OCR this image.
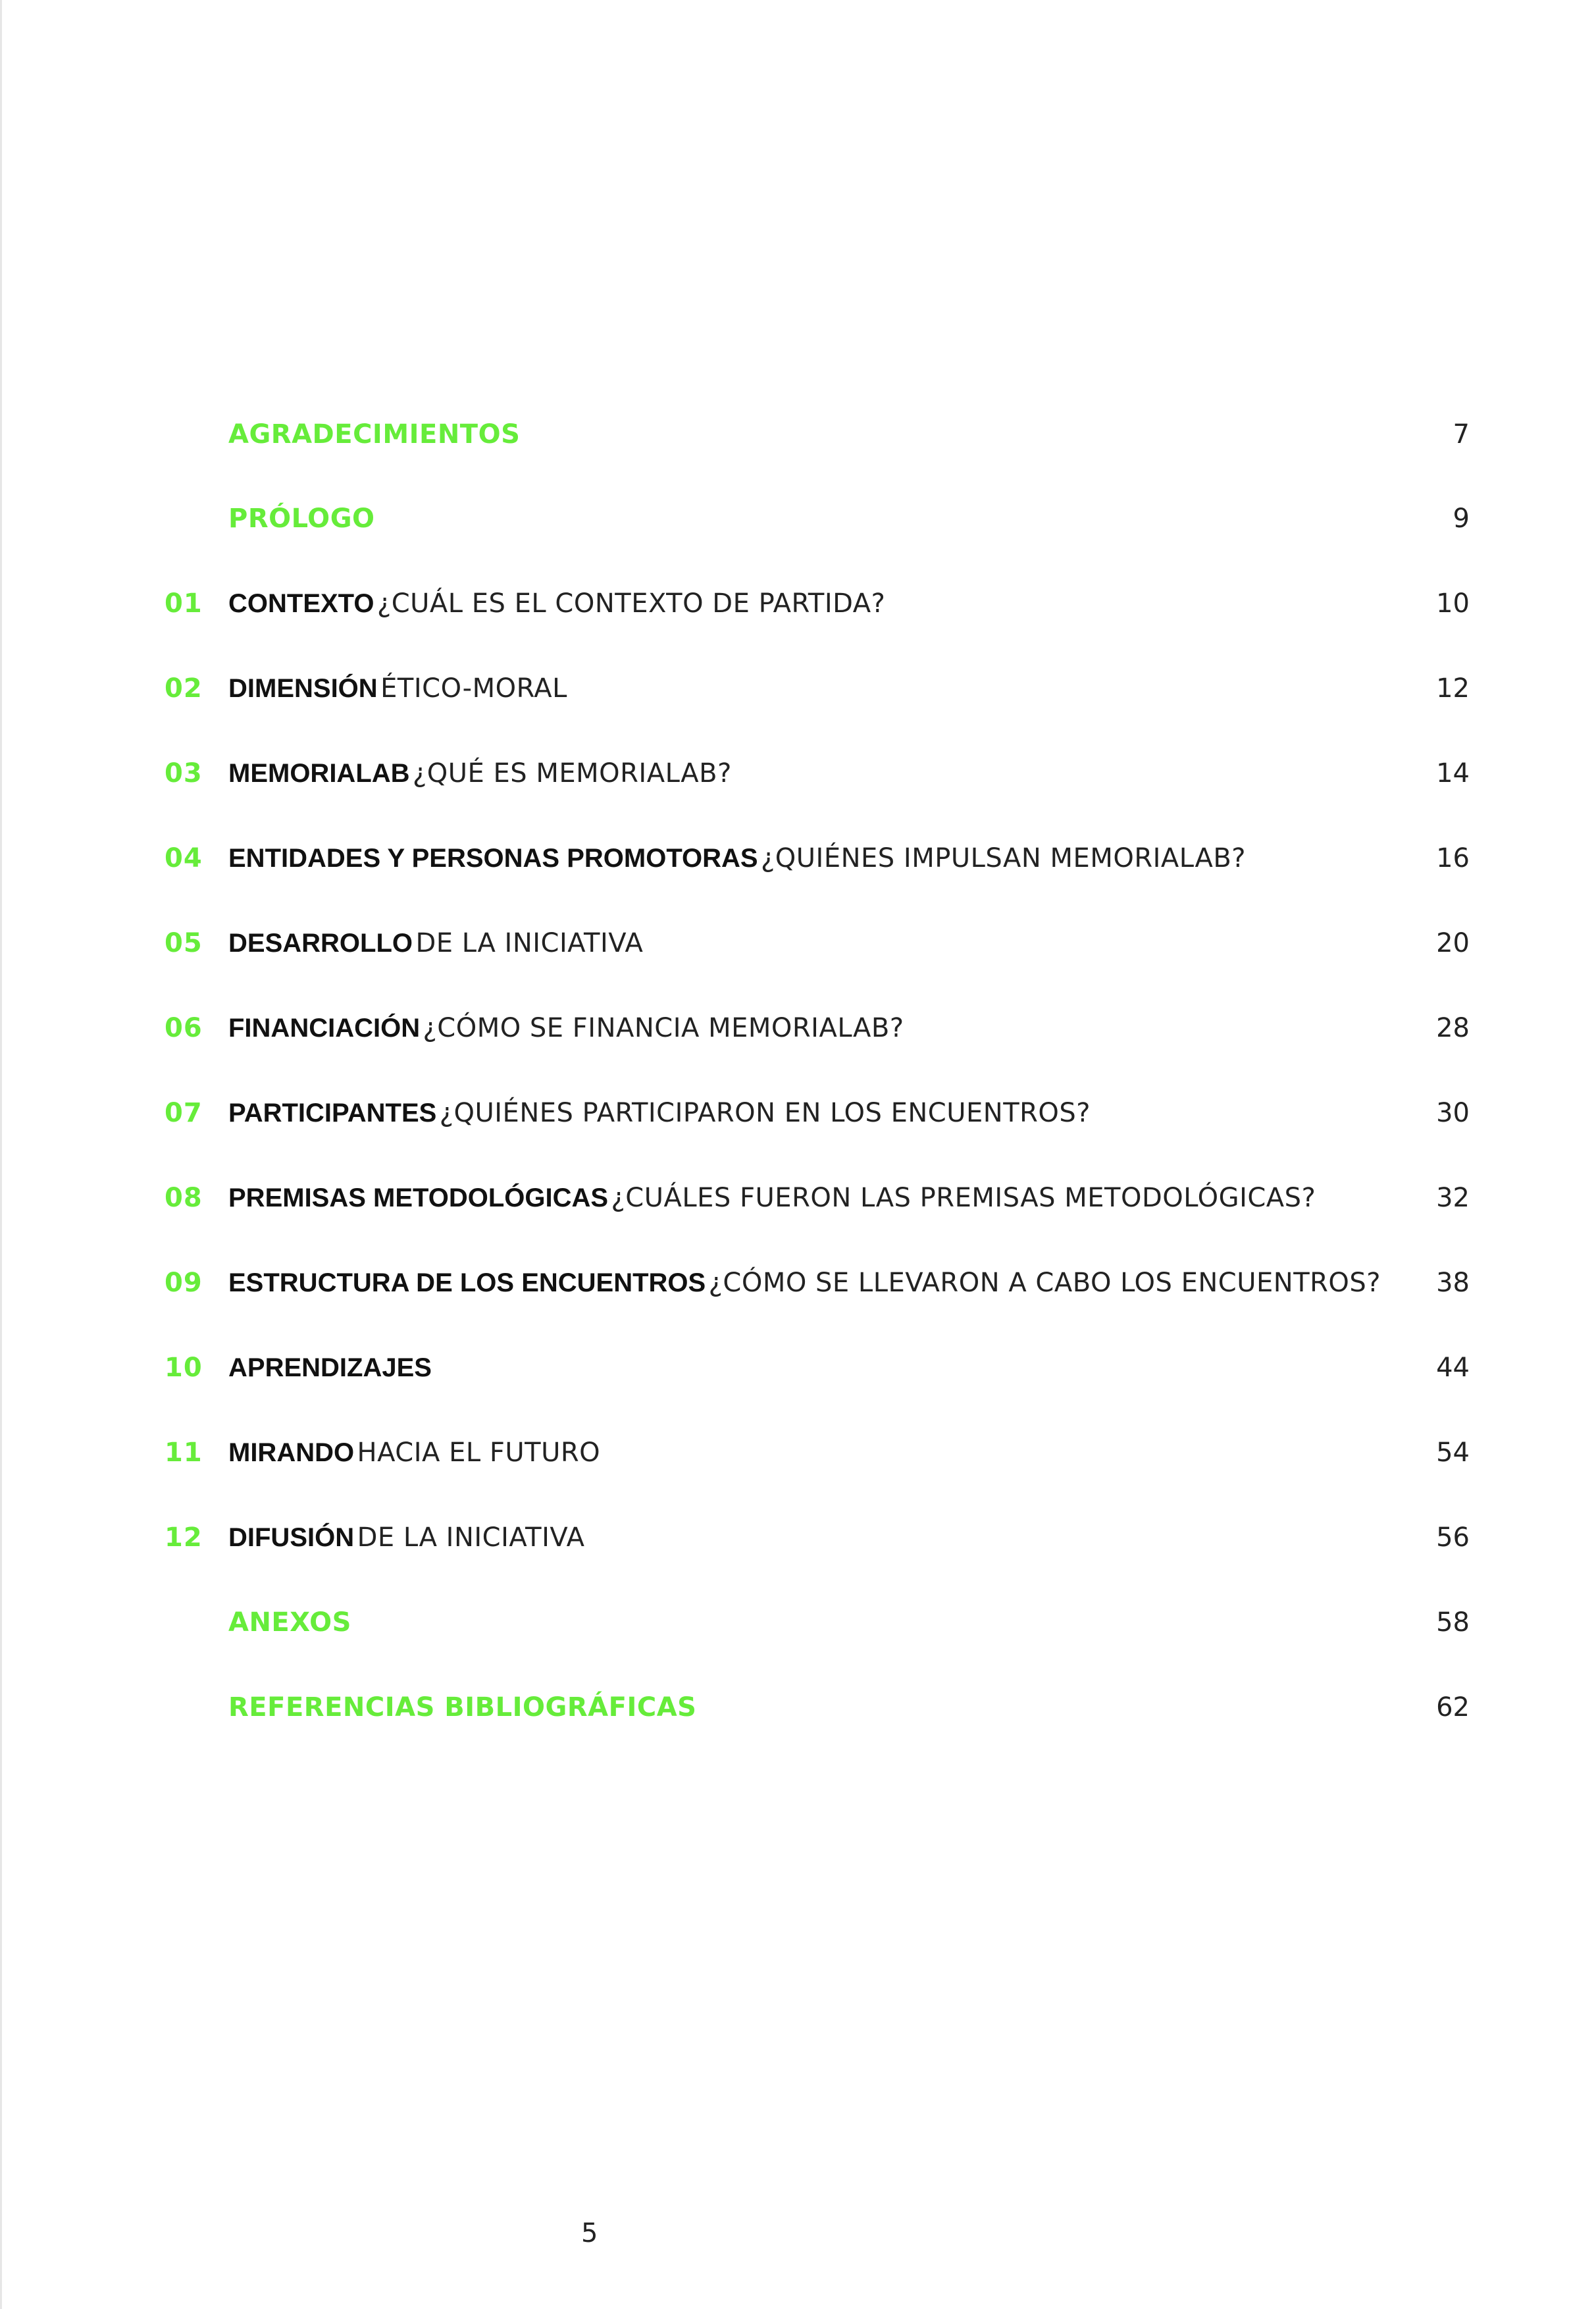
AGRADECIMIENTOS	7
PRÓLOGO	9
01 CONTEXTO ¿CUÁL ES EL CONTEXTO DE PARTIDA?	10
02 DIMENSIÓN ÉTICO-MORAL	12
03 MEMORIALAB ¿QUÉ ES MEMORIALAB?	14
04 ENTIDADES Y PERSONAS PROMOTORAS ¿QUIÉNES IMPULSAN MEMORIALAB?	16
05 DESARROLLO DE LA INICIATIVA	20
06 FINANCIACIÓN ¿CÓMO SE FINANCIA MEMORIALAB?	28
07 PARTICIPANTES ¿QUIÉNES PARTICIPARON EN LOS ENCUENTROS?	30
08 PREMISAS METODOLÓGICAS ¿CUÁLES FUERON LAS PREMISAS METODOLÓGICAS?	32
09 ESTRUCTURA DE LOS ENCUENTROS ¿CÓMO SE LLEVARON A CABO LOS ENCUENTROS? 38
10 APRENDIZAJES	44
11 MIRANDO HACIA EL FUTURO	54
12 DIFUSIÓN DE LA INICIATIVA	56
ANEXOS	58
REFERENCIAS BIBLIOGRÁFICAS	62
5
